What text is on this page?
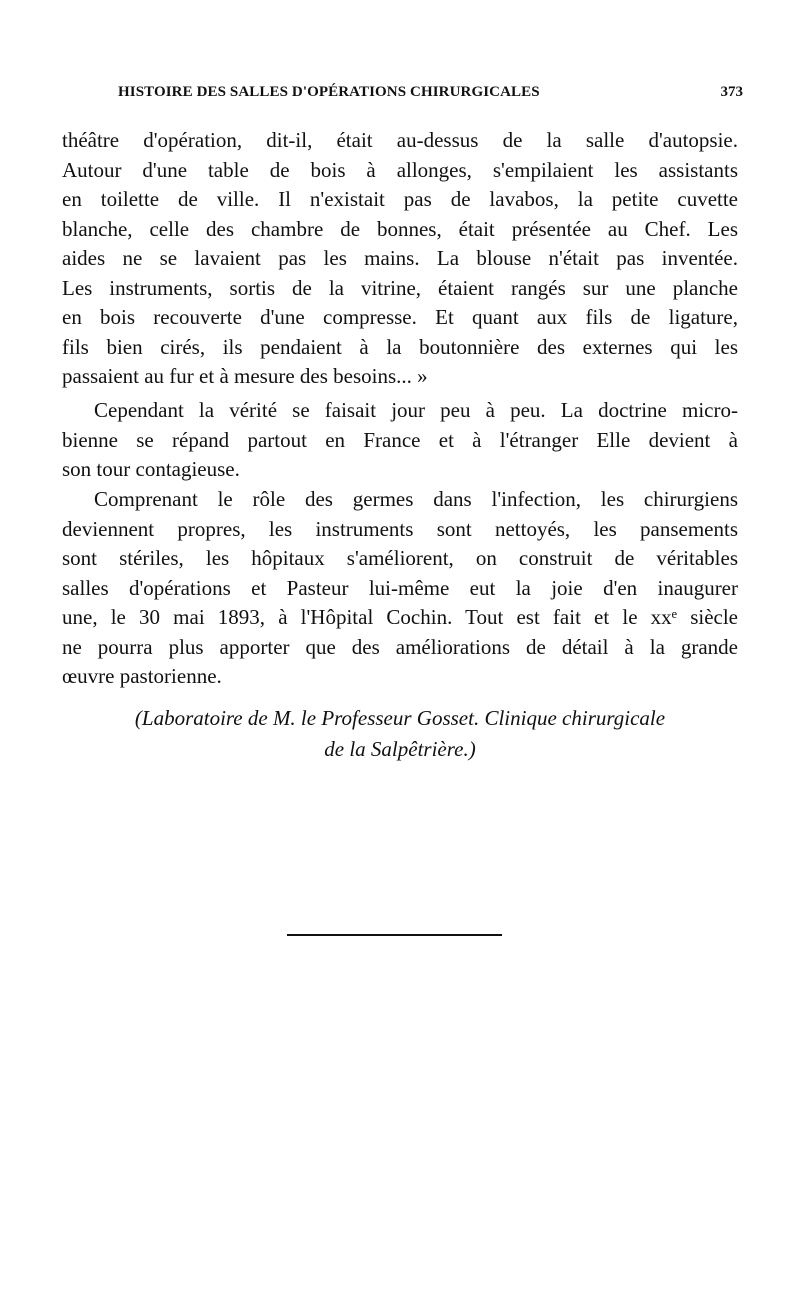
HISTOIRE DES SALLES D'OPÉRATIONS CHIRURGICALES	373
théâtre d'opération, dit-il, était au-dessus de la salle d'autopsie.
Autour d'une table de bois à allonges, s'empilaient les assistants
en toilette de ville. Il n'existait pas de lavabos, la petite cuvette
blanche, celle des chambre de bonnes, était présentée au Chef. Les
aides ne se lavaient pas les mains. La blouse n'était pas inventée.
Les instruments, sortis de la vitrine, étaient rangés sur une planche
en bois recouverte d'une compresse. Et quant aux fils de ligature,
fils bien cirés, ils pendaient à la boutonnière des externes qui les
passaient au fur et à mesure des besoins... »
Cependant la vérité se faisait jour peu à peu. La doctrine micro-
bienne se répand partout en France et à l'étranger Elle devient à
son tour contagieuse.
Comprenant le rôle des germes dans l'infection, les chirurgiens
deviennent propres, les instruments sont nettoyés, les pansements
sont stériles, les hôpitaux s'améliorent, on construit de véritables
salles d'opérations et Pasteur lui-même eut la joie d'en inaugurer
une, le 30 mai 1893, à l'Hôpital Cochin. Tout est fait et le xxᵉ siècle
ne pourra plus apporter que des améliorations de détail à la grande
œuvre pastorienne.
(Laboratoire de M. le Professeur Gosset. Clinique chirurgicale
de la Salpêtrière.)
